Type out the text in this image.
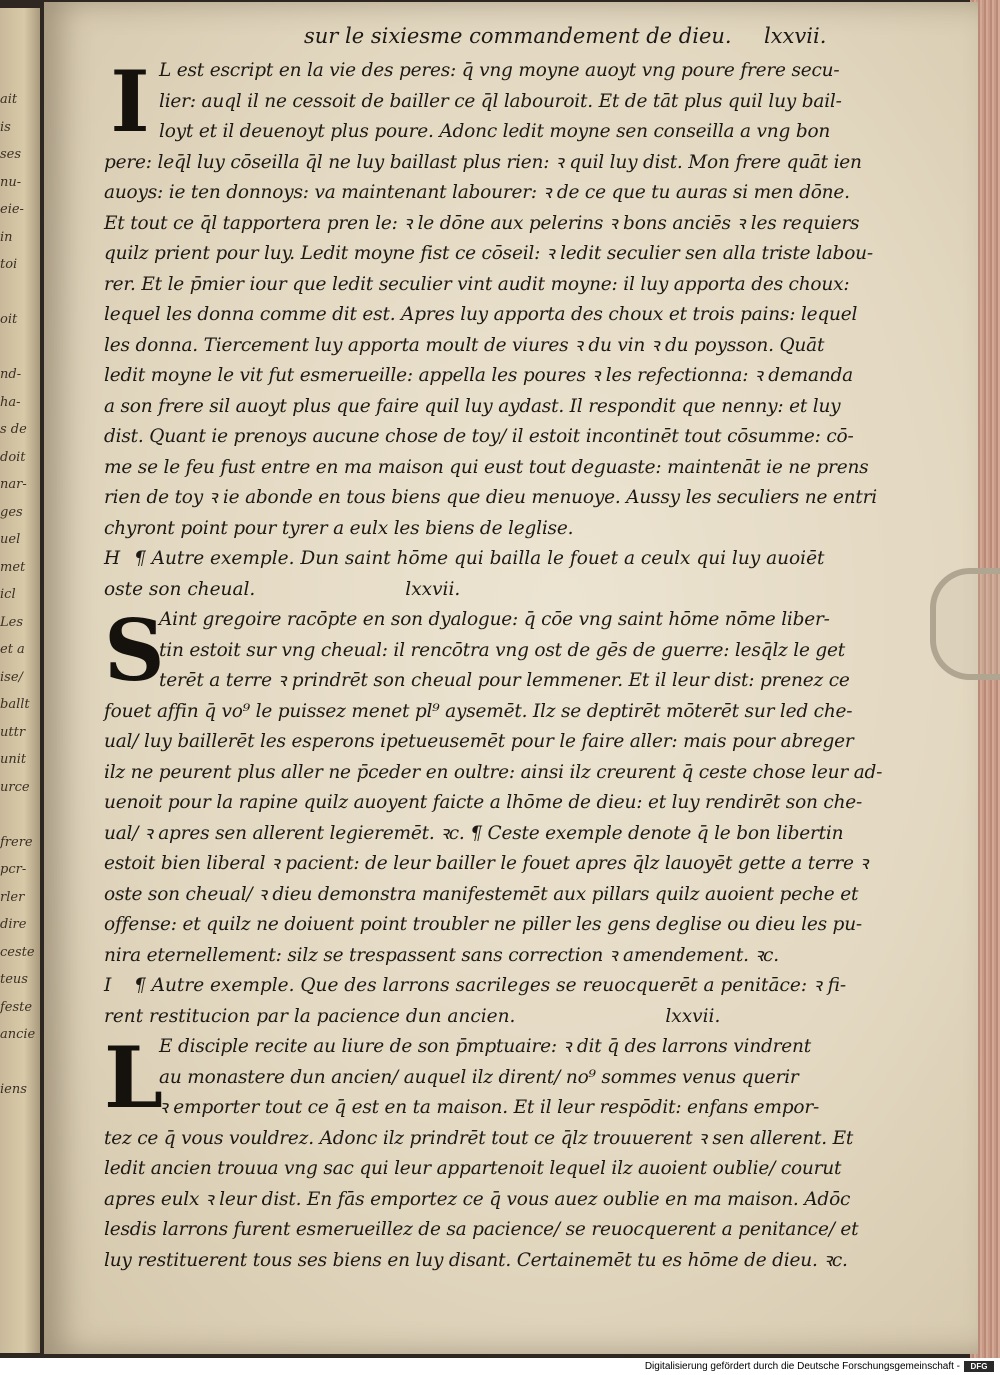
ait
is
ses
nu-
eie-
in
toi
oit
nd-
ha-
s de
doit
nar-
ges
uel
met
icl
Les
et a
ise/
ballt
uttr
unit
urce
frere
pcr-
rler
dire
ceste
teus
feste
ancie
iens
sur le sixiesme commandement de dieu. lxxvii.
I L est escript en la vie des peres: q̄ vng moyne auoyt vng poure frere secu-
lier: auql il ne cessoit de bailler ce q̄l labouroit. Et de tāt plus quil luy bail-
loyt et il deuenoyt plus poure. Adonc ledit moyne sen conseilla a vng bon
pere: leq̄l luy cōseilla q̄l ne luy baillast plus rien: ꝛ quil luy dist. Mon frere quāt ien
auoys: ie ten donnoys: va maintenant labourer: ꝛ de ce que tu auras si men dōne.
Et tout ce q̄l tapportera pren le: ꝛ le dōne aux pelerins ꝛ bons anciēs ꝛ les requiers
quilz prient pour luy. Ledit moyne fist ce cōseil: ꝛ ledit seculier sen alla triste labou-
rer. Et le p̄mier iour que ledit seculier vint audit moyne: il luy apporta des choux:
lequel les donna comme dit est. Apres luy apporta des choux et trois pains: lequel
les donna. Tiercement luy apporta moult de viures ꝛ du vin ꝛ du poysson. Quāt
ledit moyne le vit fut esmerueille: appella les poures ꝛ les refectionna: ꝛ demanda
a son frere sil auoyt plus que faire quil luy aydast. Il respondit que nenny: et luy
dist. Quant ie prenoys aucune chose de toy/ il estoit incontinēt tout cōsumme: cō-
me se le feu fust entre en ma maison qui eust tout deguaste: maintenāt ie ne prens
rien de toy ꝛ ie abonde en tous biens que dieu menuoye. Aussy les seculiers ne entri
chyront point pour tyrer a eulx les biens de leglise.
H ¶ Autre exemple. Dun saint hōme qui bailla le fouet a ceulx qui luy auoiēt
oste son cheual.	lxxvii.
S
Aint gregoire racōpte en son dyalogue: q̄ cōe vng saint hōme nōme liber-
tin estoit sur vng cheual: il rencōtra vng ost de gēs de guerre: lesq̄lz le get
terēt a terre ꝛ prindrēt son cheual pour lemmener. Et il leur dist: prenez ce
fouet affin q̄ vo⁹ le puissez menet pl⁹ aysemēt. Ilz se deptirēt mōterēt sur led che-
ual/ luy baillerēt les esperons ipetueusemēt pour le faire aller: mais pour abreger
ilz ne peurent plus aller ne p̄ceder en oultre: ainsi ilz creurent q̄ ceste chose leur ad-
uenoit pour la rapine quilz auoyent faicte a lhōme de dieu: et luy rendirēt son che-
ual/ ꝛ apres sen allerent legieremēt. ꝛc. ¶ Ceste exemple denote q̄ le bon libertin
estoit bien liberal ꝛ pacient: de leur bailler le fouet apres q̄lz lauoyēt gette a terre ꝛ
oste son cheual/ ꝛ dieu demonstra manifestemēt aux pillars quilz auoient peche et
offense: et quilz ne doiuent point troubler ne piller les gens deglise ou dieu les pu-
nira eternellement: silz se trespassent sans correction ꝛ amendement. ꝛc.
I ¶ Autre exemple. Que des larrons sacrileges se reuocquerēt a penitāce: ꝛ fi-
rent restitucion par la pacience dun ancien.	lxxvii.
L
E disciple recite au liure de son p̄mptuaire: ꝛ dit q̄ des larrons vindrent
au monastere dun ancien/ auquel ilz dirent/ no⁹ sommes venus querir
ꝛ emporter tout ce q̄ est en ta maison. Et il leur respōdit: enfans empor-
tez ce q̄ vous vouldrez. Adonc ilz prindrēt tout ce q̄lz trouuerent ꝛ sen allerent. Et
ledit ancien trouua vng sac qui leur appartenoit lequel ilz auoient oublie/ courut
apres eulx ꝛ leur dist. En fās emportez ce q̄ vous auez oublie en ma maison. Adōc
lesdis larrons furent esmerueillez de sa pacience/ se reuocquerent a penitance/ et
luy restituerent tous ses biens en luy disant. Certainemēt tu es hōme de dieu. ꝛc.
Digitalisierung gefördert durch die Deutsche Forschungsgemeinschaft -	DFG
